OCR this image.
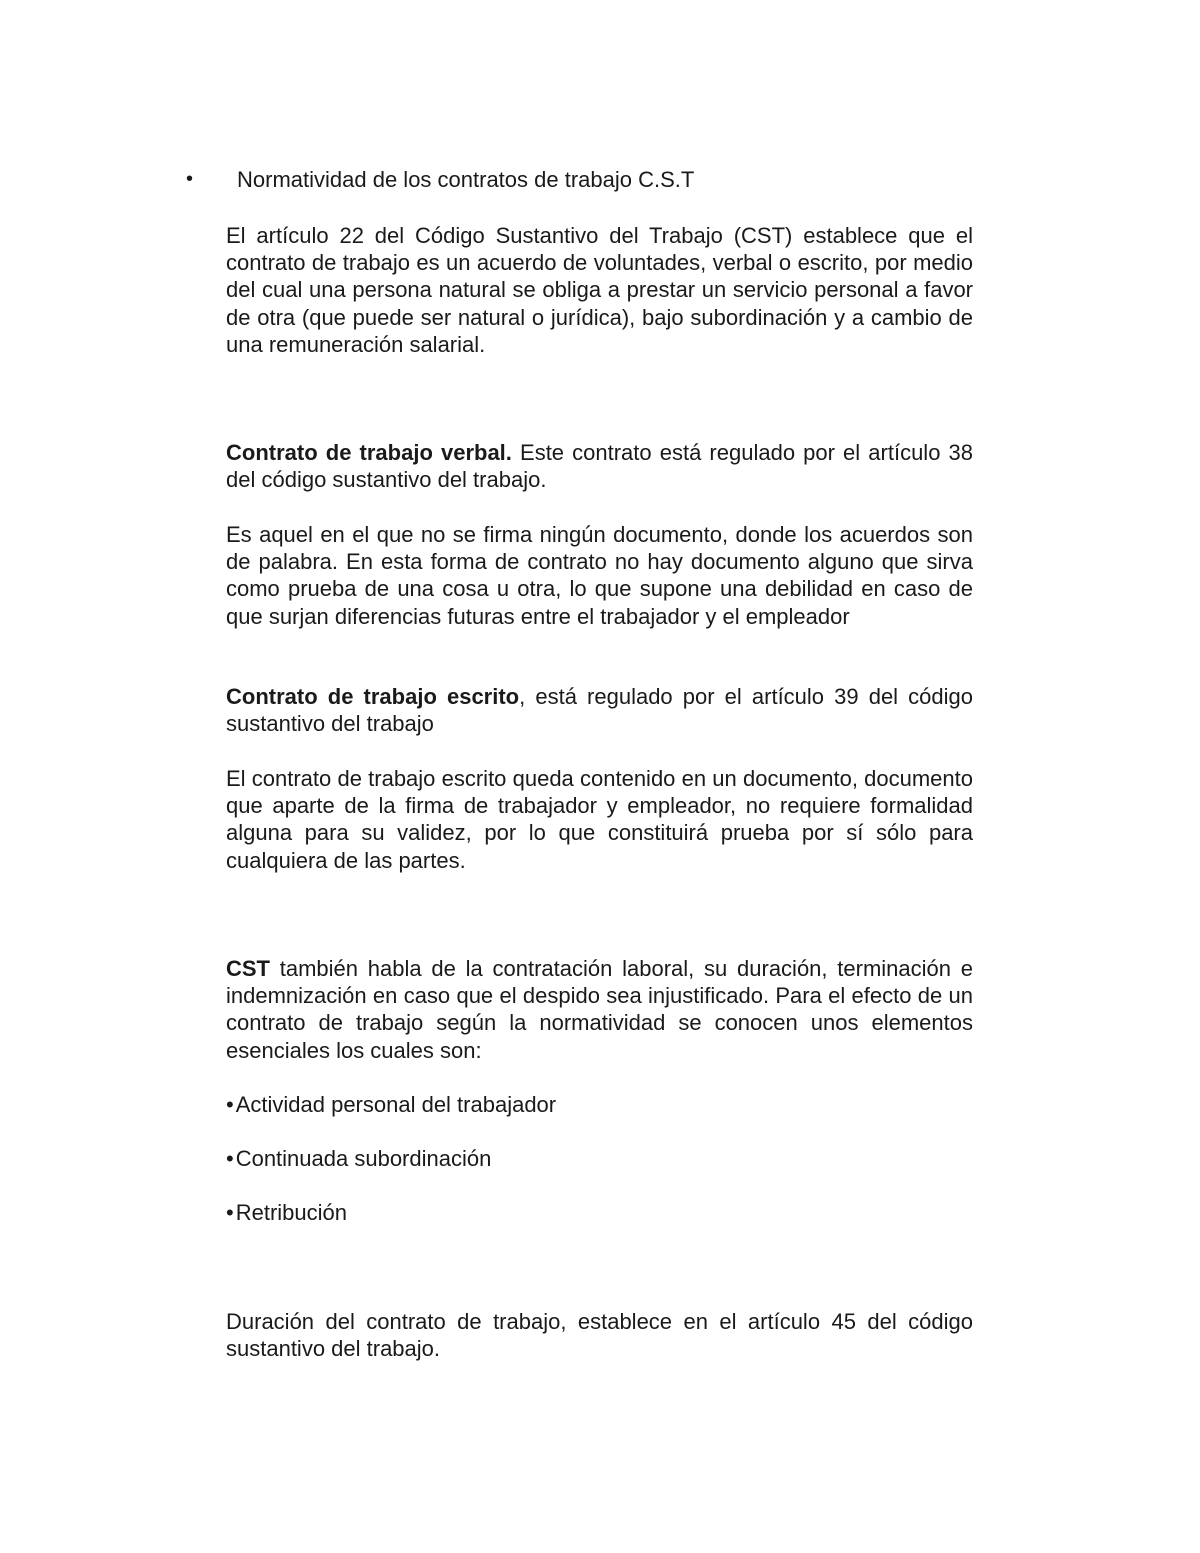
• Normatividad de los contratos de trabajo C.S.T

El artículo 22 del Código Sustantivo del Trabajo (CST) establece que el contrato de trabajo es un acuerdo de voluntades, verbal o escrito, por medio del cual una persona natural se obliga a prestar un servicio personal a favor de otra (que puede ser natural o jurídica), bajo subordinación y a cambio de una remuneración salarial.

Contrato de trabajo verbal. Este contrato está regulado por el artículo 38 del código sustantivo del trabajo.

Es aquel en el que no se firma ningún documento, donde los acuerdos son de palabra. En esta forma de contrato no hay documento alguno que sirva como prueba de una cosa u otra, lo que supone una debilidad en caso de que surjan diferencias futuras entre el trabajador y el empleador

Contrato de trabajo escrito, está regulado por el artículo 39 del código sustantivo del trabajo

El contrato de trabajo escrito queda contenido en un documento, documento que aparte de la firma de trabajador y empleador, no requiere formalidad alguna para su validez, por lo que constituirá prueba por sí sólo para cualquiera de las partes.

CST también habla de la contratación laboral, su duración, terminación e indemnización en caso que el despido sea injustificado. Para el efecto de un contrato de trabajo según la normatividad se conocen unos elementos esenciales los cuales son:

•Actividad personal del trabajador
•Continuada subordinación
•Retribución

Duración del contrato de trabajo, establece en el artículo 45 del código sustantivo del trabajo.
